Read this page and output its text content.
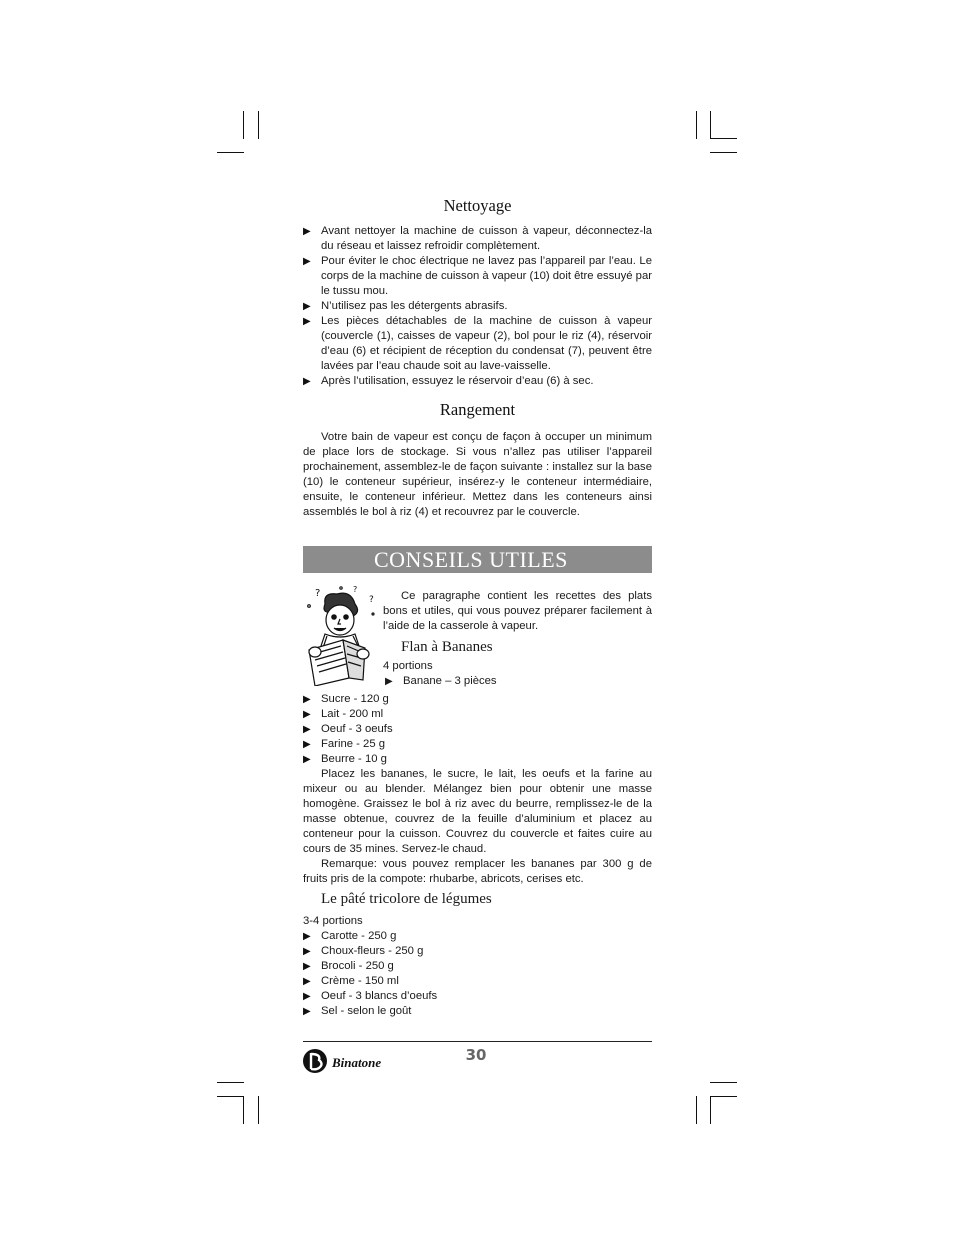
Nettoyage
▶ Avant nettoyer la machine de cuisson à vapeur, déconnectez-la du réseau et laissez refroidir complètement.
▶ Pour éviter le choc électrique ne lavez pas l’appareil par l’eau. Le corps de la machine de cuisson à vapeur (10) doit être essuyé par le tussu mou.
▶ N’utilisez pas les détergents abrasifs.
▶ Les pièces détachables de la machine de cuisson à vapeur (couvercle (1), caisses de vapeur (2), bol pour le riz (4), réservoir d’eau (6) et récipient de réception du condensat (7), peuvent être lavées par l’eau chaude soit au lave-vaisselle.
▶ Après l’utilisation, essuyez le réservoir d’eau (6) à sec.
Rangement

Votre bain de vapeur est conçu de façon à occuper un minimum de place lors de stockage. Si vous n’allez pas utiliser l’appareil prochainement, assemblez-le de façon suivante : installez sur la base (10) le conteneur supérieur, insérez-y le conteneur intermédiaire, ensuite, le conteneur inférieur. Mettez dans les conteneurs ainsi assemblés le bol à riz (4) et recouvrez par le couvercle.

CONSEILS UTILES
?	?
?	Ce paragraphe contient les recettes des plats bons et utiles, qui vous pouvez préparer facilement à l’aide de la casserole à vapeur.

Flan à Bananes
4 portions
▶ Banane – 3 pièces
▶ Sucre - 120 g
▶ Lait - 200 ml
▶ Oeuf - 3 oeufs
▶ Farine - 25 g
▶ Beurre - 10 g

Placez les bananes, le sucre, le lait, les oeufs et la farine au mixeur ou au blender. Mélangez bien pour obtenir une masse homogène. Graissez le bol à riz avec du beurre, remplissez-le de la masse obtenue, couvrez de la feuille d’aluminium et placez au conteneur pour la cuisson. Couvrez du couvercle et faites cuire au cours de 35 mines. Servez-le chaud.

Remarque: vous pouvez remplacer les bananes par 300 g de fruits pris de la compote: rhubarbe, abricots, cerises etc.

Le pâté tricolore de légumes
3-4 portions
▶ Carotte - 250 g
▶ Choux-fleurs - 250 g
▶ Brocoli - 250 g
▶ Crème - 150 ml
▶ Oeuf - 3 blancs d’oeufs
▶ Sel - selon le goût
Binatone	30
